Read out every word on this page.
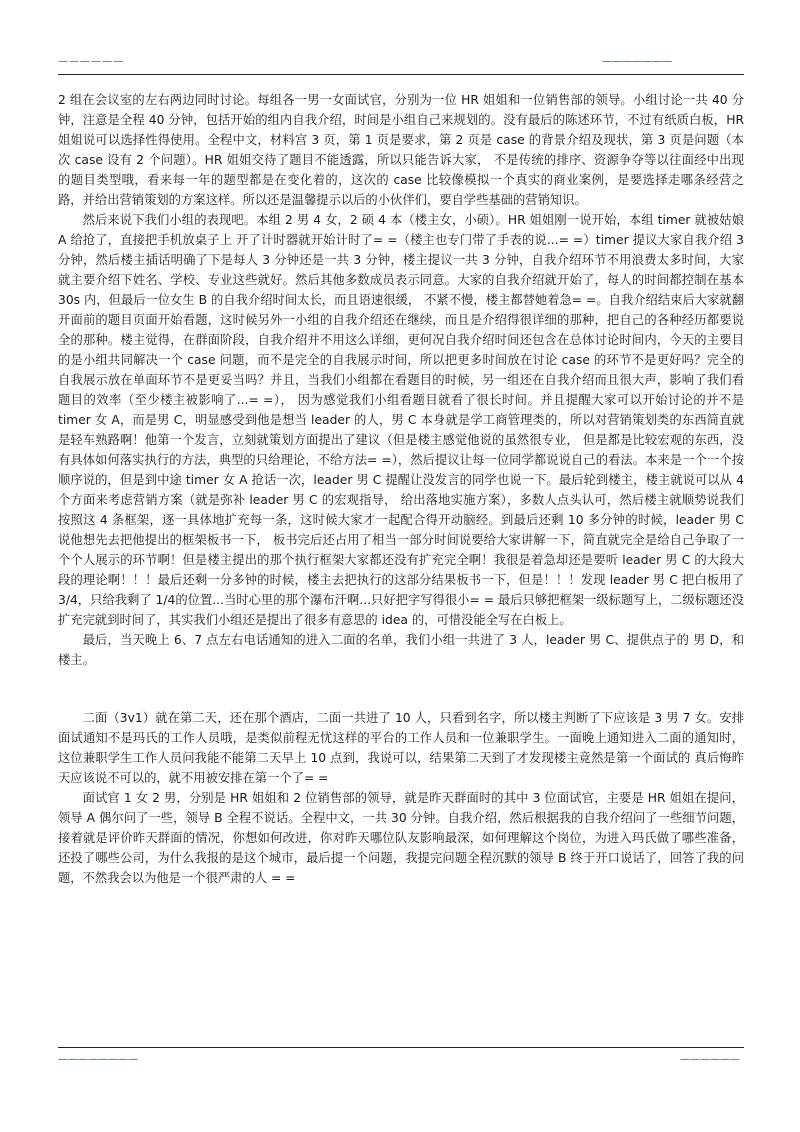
——————	———————

2 组在会议室的左右两边同时讨论。每组各一男一女面试官，分别为一位 HR 姐姐和一位销售部的领导。小组讨论一共 40 分钟，注意是全程 40 分钟，包括开始的组内自我介绍，时间是小组自己来规划的。没有最后的陈述环节，不过有纸质白板，HR 姐姐说可以选择性得使用。全程中文，材料宫 3 页，第 1 页是要求，第 2 页是 case 的背景介绍及现状，第 3 页是问题（本次 case 设有 2 个问题）。HR 姐姐交待了题目不能透露，所以只能告诉大家， 不是传统的排序、资源争夺等以往面经中出现的题目类型哦，看来每一年的题型都是在变化着的，这次的 case 比较像模拟一个真实的商业案例，是要选择走哪条经营之路，并给出营销策划的方案这样。所以还是温馨提示以后的小伙伴们，要自学些基础的营销知识。

然后来说下我们小组的表现吧。本组 2 男 4 女，2 硕 4 本（楼主女，小硕）。HR 姐姐刚一说开始，本组 timer 就被姑娘 A 给抢了，直接把手机放桌子上 开了计时器就开始计时了= =（楼主也专门带了手表的说...= =）timer 提议大家自我介绍 3 分钟，然后楼主插话明确了下是每人 3 分钟还是一共 3 分钟，楼主提议一共 3 分钟，自我介绍环节不用浪费太多时间，大家就主要介绍下姓名、学校、专业这些就好。然后其他多数成员表示同意。大家的自我介绍就开始了，每人的时间都控制在基本 30s 内，但最后一位女生 B 的自我介绍时间太长，而且语速很缓， 不紧不慢，楼主都替她着急= =。自我介绍结束后大家就翻开面前的题目页面开始看题，这时候另外一小组的自我介绍还在继续，而且是介绍得很详细的那种，把自己的各种经历都要说全的那种。楼主觉得，在群面阶段，自我介绍并不用这么详细，更何况自我介绍时间还包含在总体讨论时间内，今天的主要目的是小组共同解决一个 case 问题，而不是完全的自我展示时间，所以把更多时间放在讨论 case 的环节不是更好吗？完全的自我展示放在单面环节不是更妥当吗？并且，当我们小组都在看题目的时候，另一组还在自我介绍而且很大声，影响了我们看题目的效率（至少楼主被影响了...= =）， 因为感觉我们小组看题目就看了很长时间。并且提醒大家可以开始讨论的并不是 timer 女 A，而是男 C，明显感受到他是想当 leader 的人，男 C 本身就是学工商管理类的，所以对营销策划类的东西简直就是轻车熟路啊！他第一个发言，立刻就策划方面提出了建议（但是楼主感觉他说的虽然很专业， 但是都是比较宏观的东西，没有具体如何落实执行的方法，典型的只给理论，不给方法= =），然后提议让每一位同学都说说自己的看法。本来是一个一个按顺序说的，但是到中途 timer 女 A 抢话一次，leader 男 C 提醒让没发言的同学也说一下。最后轮到楼主，楼主就说可以从 4 个方面来考虑营销方案（就是弥补 leader 男 C 的宏观指导， 给出落地实施方案），多数人点头认可，然后楼主就顺势说我们按照这 4 条框架，逐一具体地扩充每一条，这时候大家才一起配合得开动脑经。到最后还剩 10 多分钟的时候，leader 男 C 说他想先去把他提出的框架板书一下， 板书完后还占用了相当一部分时间说要给大家讲解一下，简直就完全是给自己争取了一个个人展示的环节啊！但是楼主提出的那个执行框架大家都还没有扩充完全啊！我很是着急却还是要听 leader 男 C 的大段大段的理论啊！！！最后还剩一分多钟的时候，楼主去把执行的这部分结果板书一下，但是！！！发现 leader 男 C 把白板用了 3/4，只给我剩了 1/4的位置...当时心里的那个瀑布汗啊...只好把字写得很小= = 最后只够把框架一级标题写上，二级标题还没扩充完就到时间了，其实我们小组还是提出了很多有意思的 idea 的，可惜没能全写在白板上。

最后，当天晚上 6、7 点左右电话通知的进入二面的名单，我们小组一共进了 3 人，leader 男 C、提供点子的 男 D，和楼主。

二面（3v1）就在第二天，还在那个酒店，二面一共进了 10 人，只看到名字，所以楼主判断了下应该是 3 男 7 女。安排面试通知不是玛氏的工作人员哦，是类似前程无忧这样的平台的工作人员和一位兼职学生。一面晚上通知进入二面的通知时，这位兼职学生工作人员问我能不能第二天早上 10 点到，我说可以，结果第二天到了才发现楼主竟然是第一个面试的 真后悔昨天应该说不可以的，就不用被安排在第一个了= =

面试官 1 女 2 男，分别是 HR 姐姐和 2 位销售部的领导，就是昨天群面时的其中 3 位面试官，主要是 HR 姐姐在提问，领导 A 偶尔问了一些，领导 B 全程不说话。全程中文，一共 30 分钟。自我介绍，然后根据我的自我介绍问了一些细节问题，接着就是评价昨天群面的情况，你想如何改进，你对昨天哪位队友影响最深，如何理解这个岗位，为进入玛氏做了哪些准备，还投了哪些公司，为什么我报的是这个城市，最后提一个问题，我提完问题全程沉默的领导 B 终于开口说话了，回答了我的问题，不然我会以为他是一个很严肃的人 = =

————————	——————
